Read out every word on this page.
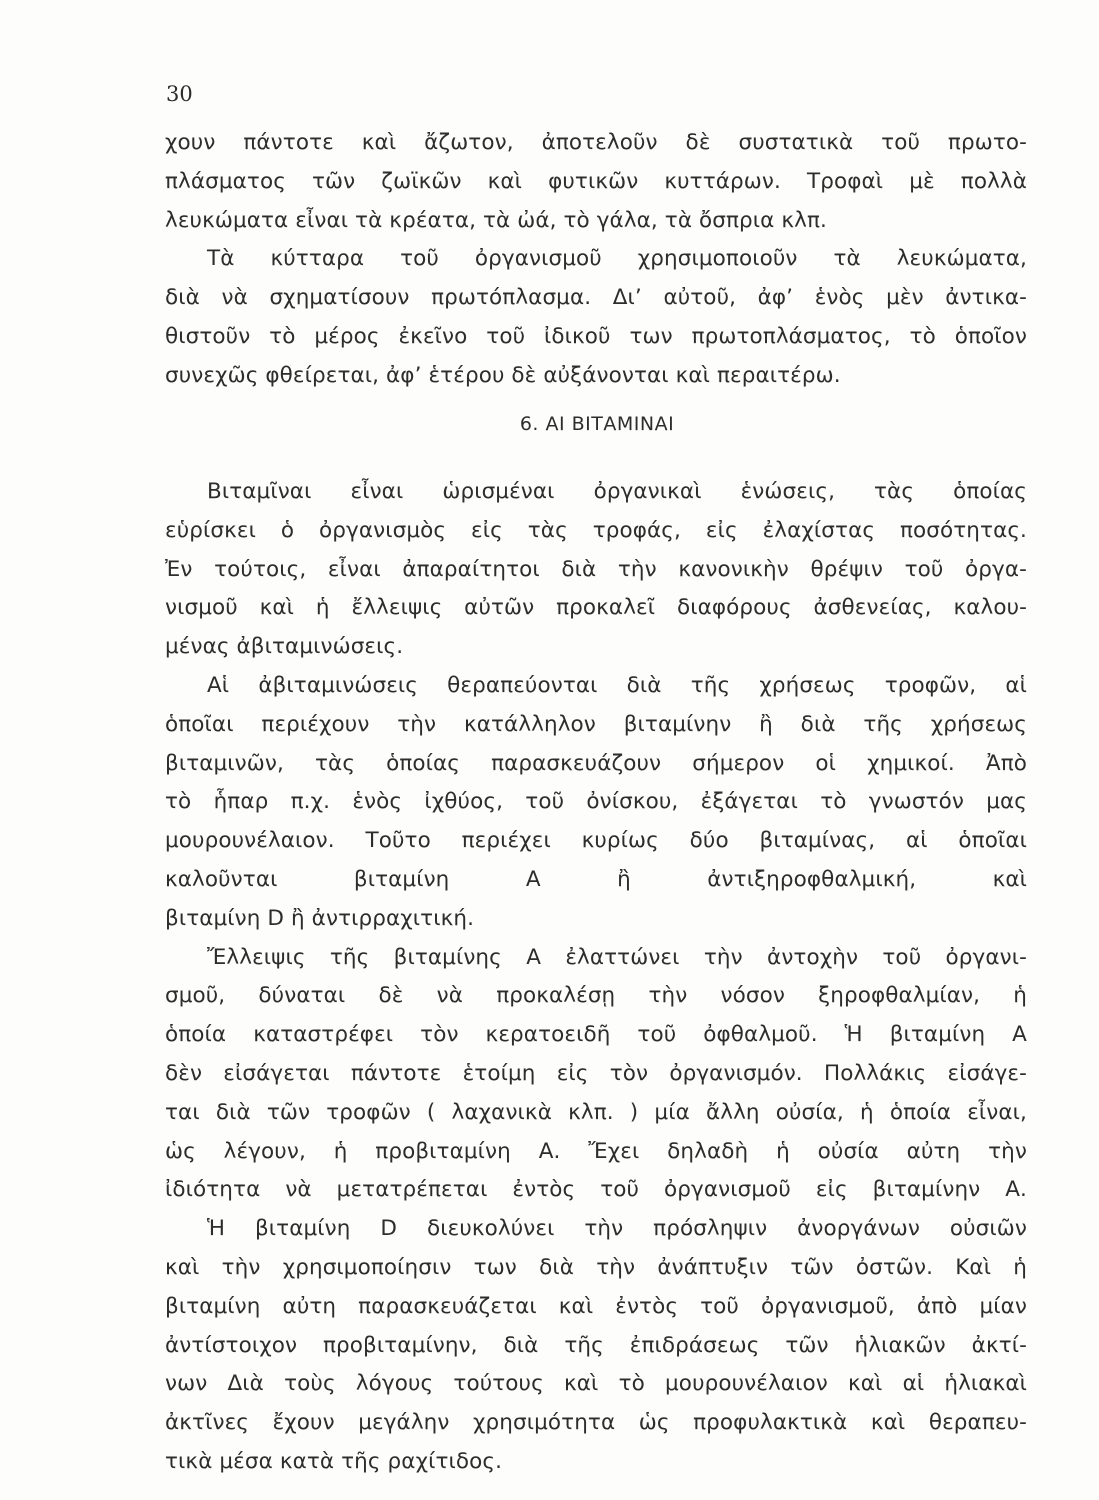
30
χουν πάντοτε καὶ ἄζωτον, ἀποτελοῦν δὲ συστατικὰ τοῦ πρωτο-
πλάσματος τῶν ζωϊκῶν καὶ φυτικῶν κυττάρων. Τροφαὶ μὲ πολλὰ
λευκώματα εἶναι τὰ κρέατα, τὰ ὠά, τὸ γάλα, τὰ ὄσπρια κλπ.
Τὰ κύτταρα τοῦ ὀργανισμοῦ χρησιμοποιοῦν τὰ λευκώματα,
διὰ νὰ σχηματίσουν πρωτόπλασμα. Δι’ αὐτοῦ, ἀφ’ ἑνὸς μὲν ἀντικα-
θιστοῦν τὸ μέρος ἐκεῖνο τοῦ ἰδικοῦ των πρωτοπλάσματος, τὸ ὁποῖον
συνεχῶς φθείρεται, ἀφ’ ἑτέρου δὲ αὐξάνονται καὶ περαιτέρω.
6. ΑΙ ΒΙΤΑΜΙΝΑΙ
Βιταμῖναι εἶναι ὡρισμέναι ὀργανικαὶ ἑνώσεις, τὰς ὁποίας
εὑρίσκει ὁ ὀργανισμὸς εἰς τὰς τροφάς, εἰς ἐλαχίστας ποσότητας.
Ἐν τούτοις, εἶναι ἀπαραίτητοι διὰ τὴν κανονικὴν θρέψιν τοῦ ὀργα-
νισμοῦ καὶ ἡ ἔλλειψις αὐτῶν προκαλεῖ διαφόρους ἀσθενείας, καλου-
μένας ἀβιταμινώσεις.
Αἱ ἀβιταμινώσεις θεραπεύονται διὰ τῆς χρήσεως τροφῶν, αἱ
ὁποῖαι περιέχουν τὴν κατάλληλον βιταμίνην ἢ διὰ τῆς χρήσεως
βιταμινῶν, τὰς ὁποίας παρασκευάζουν σήμερον οἱ χημικοί. Ἀπὸ
τὸ ἧπαρ π.χ. ἑνὸς ἰχθύος, τοῦ ὀνίσκου, ἐξάγεται τὸ γνωστόν μας
μουρουνέλαιον. Τοῦτο περιέχει κυρίως δύο βιταμίνας, αἱ ὁποῖαι
καλοῦνται βιταμίνη Α ἢ ἀντιξηροφθαλμική, καὶ
βιταμίνη D ἢ ἀντιρραχιτική.
Ἔλλειψις τῆς βιταμίνης Α ἐλαττώνει τὴν ἀντοχὴν τοῦ ὀργανι-
σμοῦ, δύναται δὲ νὰ προκαλέσῃ τὴν νόσον ξηροφθαλμίαν, ἡ
ὁποία καταστρέφει τὸν κερατοειδῆ τοῦ ὀφθαλμοῦ. Ἡ βιταμίνη Α
δὲν εἰσάγεται πάντοτε ἑτοίμη εἰς τὸν ὀργανισμόν. Πολλάκις εἰσάγε-
ται διὰ τῶν τροφῶν ( λαχανικὰ κλπ. ) μία ἄλλη οὐσία, ἡ ὁποία εἶναι,
ὡς λέγουν, ἡ προβιταμίνη Α. Ἔχει δηλαδὴ ἡ οὐσία αὐτη τὴν
ἰδιότητα νὰ μετατρέπεται ἐντὸς τοῦ ὀργανισμοῦ εἰς βιταμίνην Α.
Ἡ βιταμίνη D διευκολύνει τὴν πρόσληψιν ἀνοργάνων οὐσιῶν
καὶ τὴν χρησιμοποίησιν των διὰ τὴν ἀνάπτυξιν τῶν ὀστῶν. Καὶ ἡ
βιταμίνη αὐτη παρασκευάζεται καὶ ἐντὸς τοῦ ὀργανισμοῦ, ἀπὸ μίαν
ἀντίστοιχον προβιταμίνην, διὰ τῆς ἐπιδράσεως τῶν ἡλιακῶν ἀκτί-
νων Διὰ τοὺς λόγους τούτους καὶ τὸ μουρουνέλαιον καὶ αἱ ἡλιακαὶ
ἀκτῖνες ἔχουν μεγάλην χρησιμότητα ὡς προφυλακτικὰ καὶ θεραπευ-
τικὰ μέσα κατὰ τῆς ραχίτιδος.
